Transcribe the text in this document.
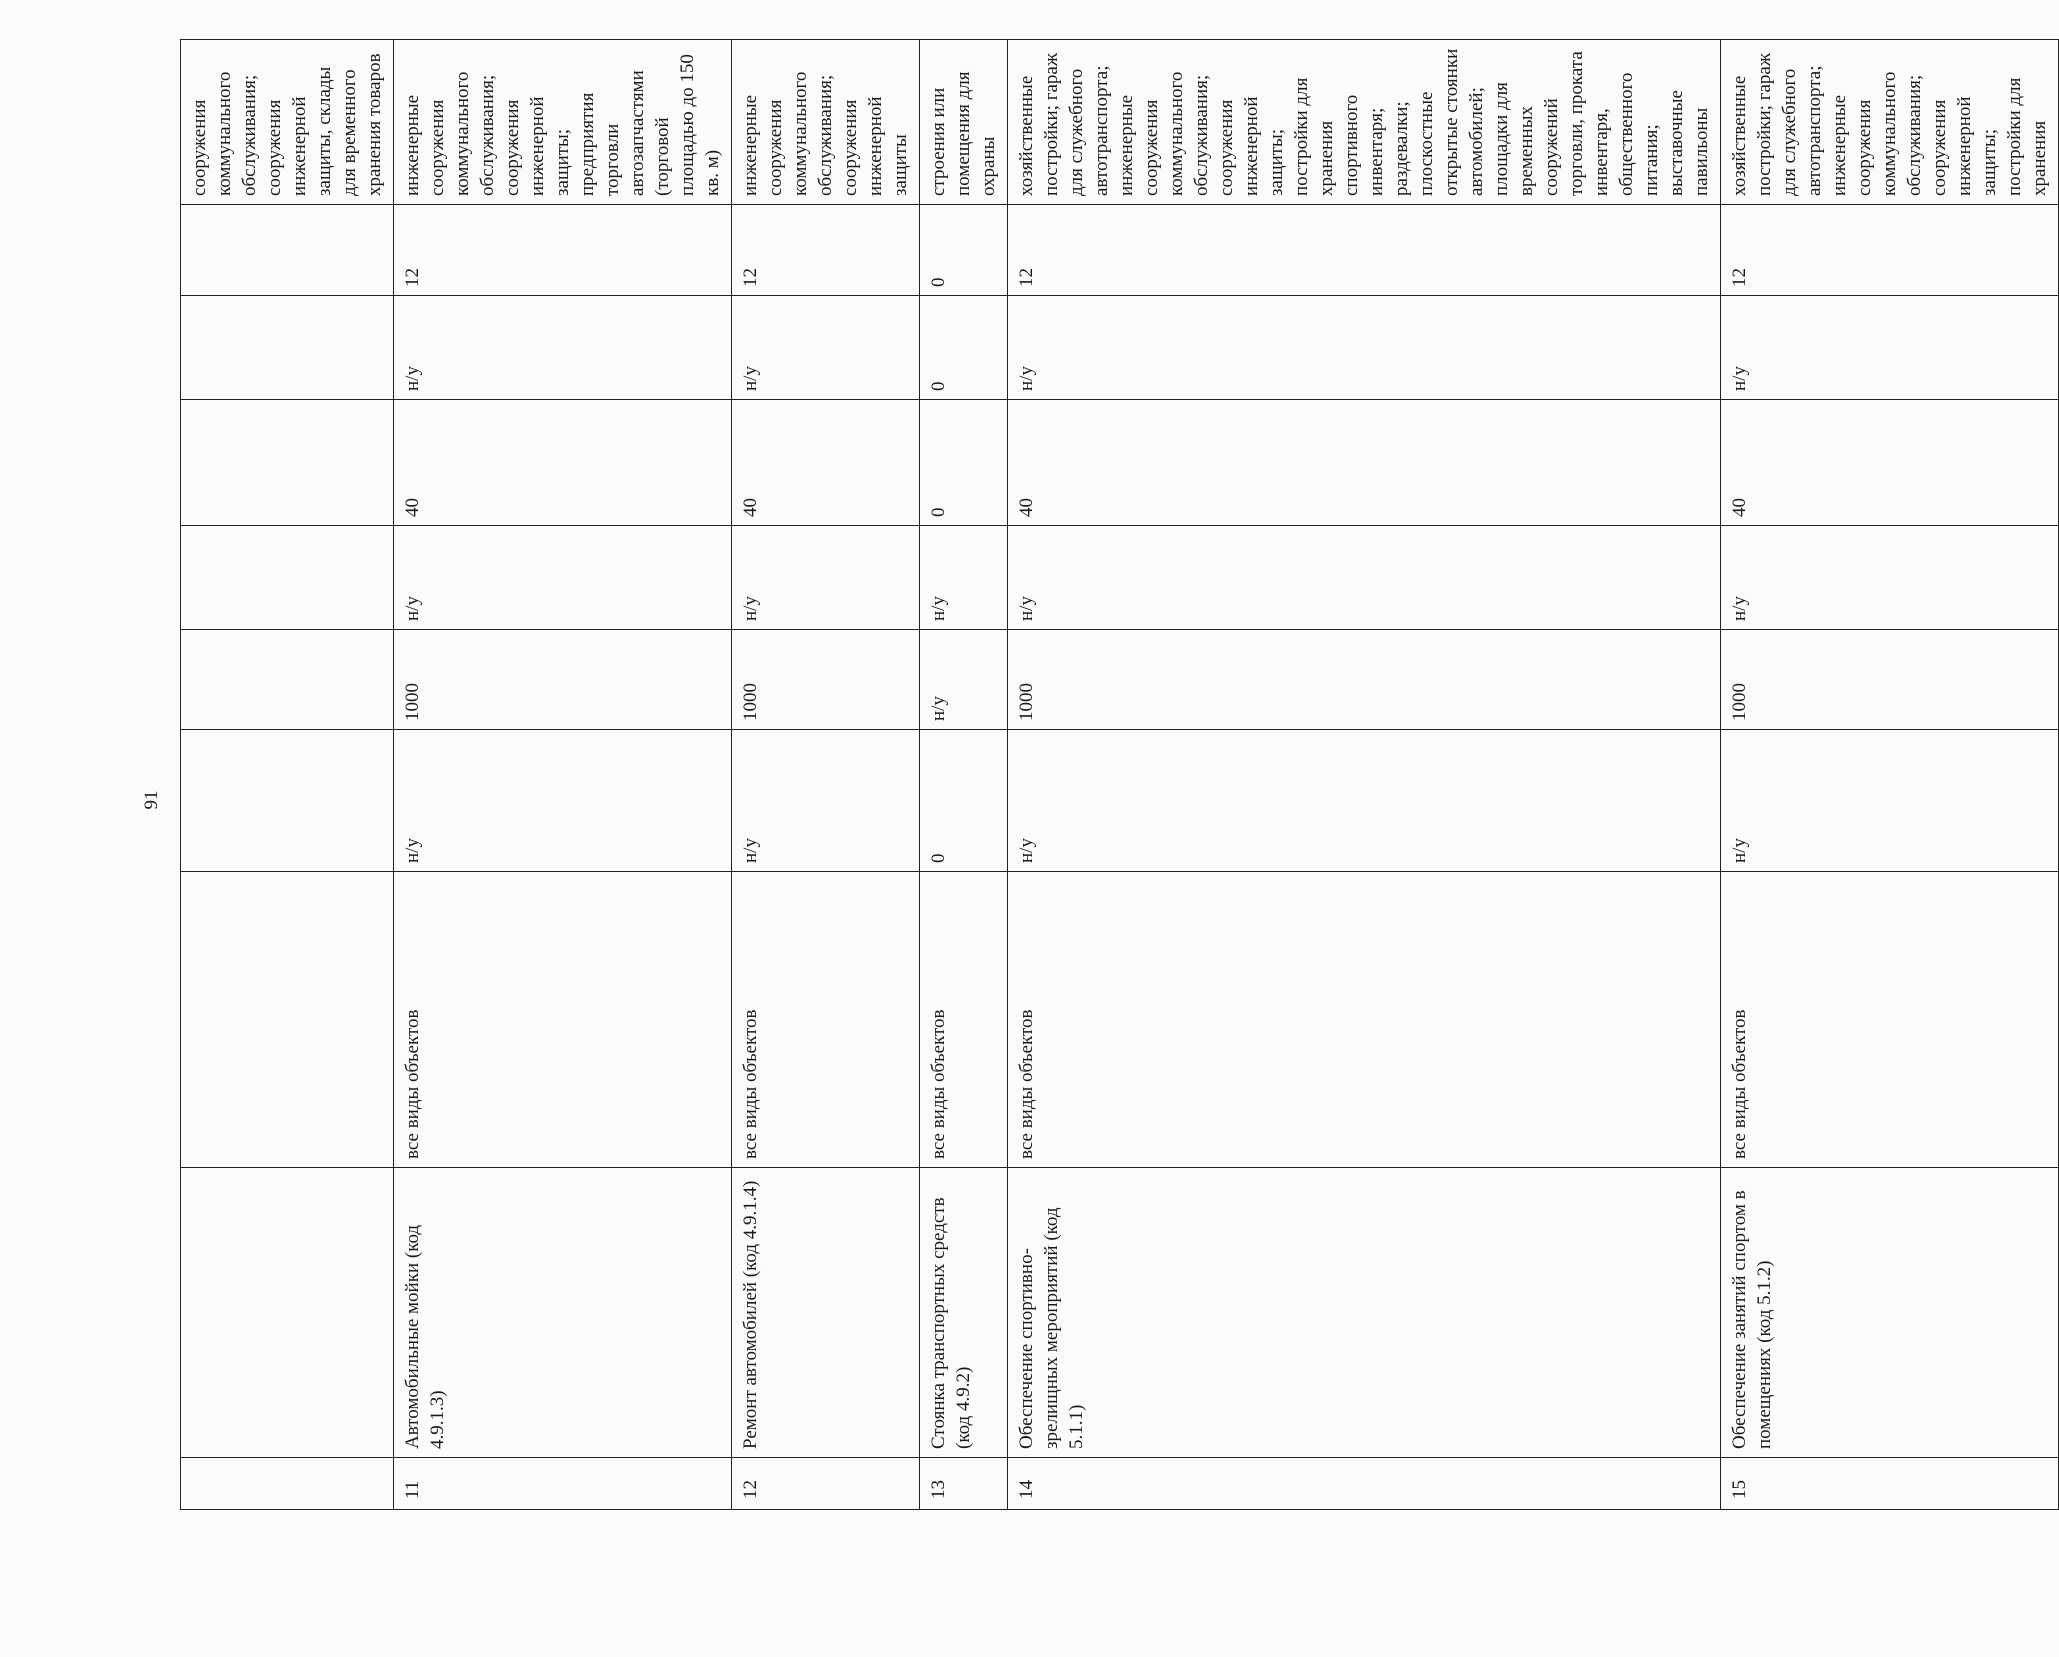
91
									сооружения коммунального обслуживания; сооружения инженерной защиты, склады для временного хранения товаров
11	Автомобильные мойки (код 4.9.1.3)	все виды объектов	н/у	1000	н/у	40	н/у	12	инженерные сооружения коммунального обслуживания; сооружения инженерной защиты; предприятия торговли автозапчастями (торговой площадью до 150 кв. м)
12	Ремонт автомобилей (код 4.9.1.4)	все виды объектов	н/у	1000	н/у	40	н/у	12	инженерные сооружения коммунального обслуживания; сооружения инженерной защиты
13	Стоянка транспортных средств (код 4.9.2)	все виды объектов	0	н/у	н/у	0	0	0	строения или помещения для охраны
14	Обеспечение спортивно-зрелищных мероприятий (код 5.1.1)	все виды объектов	н/у	1000	н/у	40	н/у	12	хозяйственные постройки; гараж для служебного автотранспорта; инженерные сооружения коммунального обслуживания; сооружения инженерной защиты; постройки для хранения спортивного инвентаря; раздевалки; плоскостные открытые стоянки автомобилей; площадки для временных сооружений торговли, проката инвентаря, общественного питания; выставочные павильоны
15	Обеспечение занятий спортом в помещениях (код 5.1.2)	все виды объектов	н/у	1000	н/у	40	н/у	12	хозяйственные постройки; гараж для служебного автотранспорта; инженерные сооружения коммунального обслуживания; сооружения инженерной защиты; постройки для хранения
